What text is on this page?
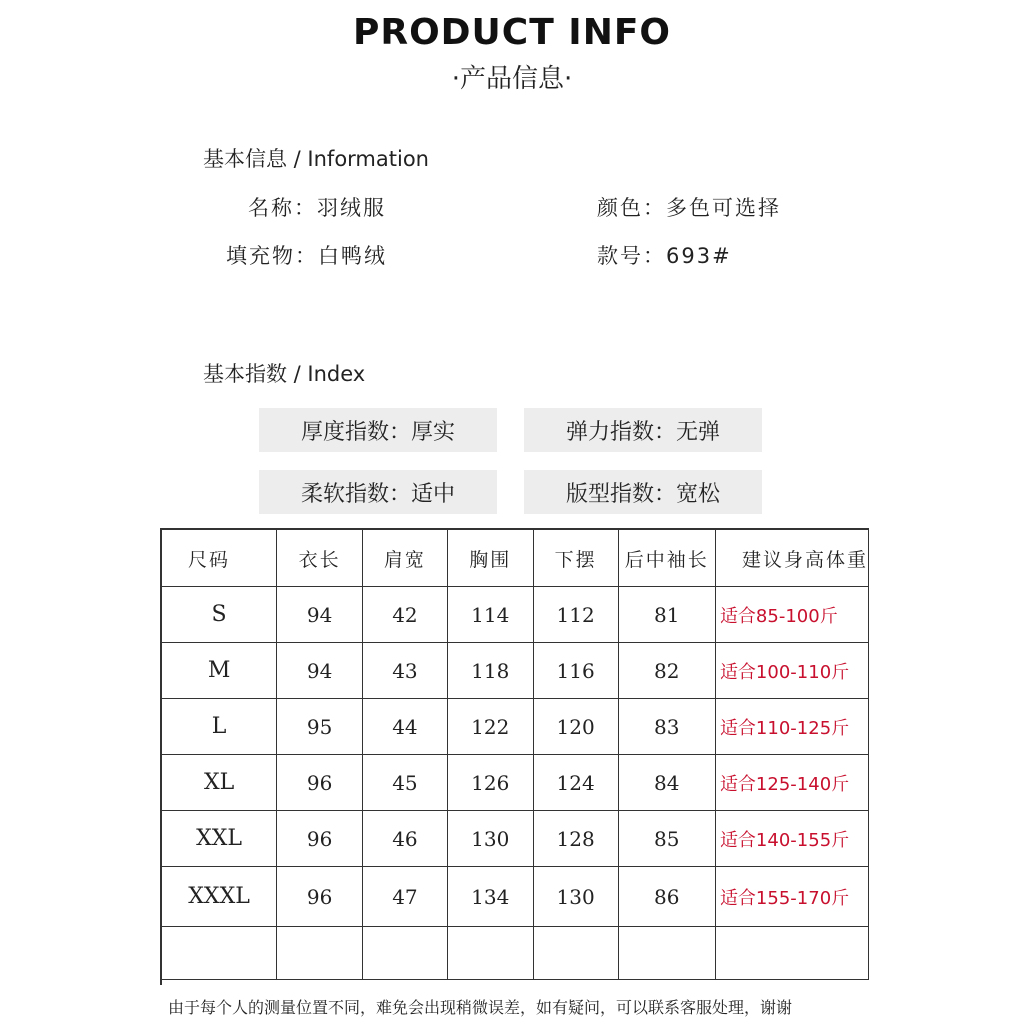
PRODUCT INFO
·产品信息·
基本信息 / Information
名称：羽绒服	颜色：多色可选择
填充物：白鸭绒	款号：693#
基本指数 / Index
厚度指数：厚实	弹力指数：无弹
柔软指数：适中	版型指数：宽松
尺码	衣长	肩宽	胸围	下摆	后中袖长	建议身高体重
S	94	42	114	112	81	适合85-100斤
M	94	43	118	116	82	适合100-110斤
L	95	44	122	120	83	适合110-125斤
XL	96	45	126	124	84	适合125-140斤
XXL	96	46	130	128	85	适合140-155斤
XXXL	96	47	134	130	86	适合155-170斤

由于每个人的测量位置不同，难免会出现稍微误差，如有疑问，可以联系客服处理，谢谢
